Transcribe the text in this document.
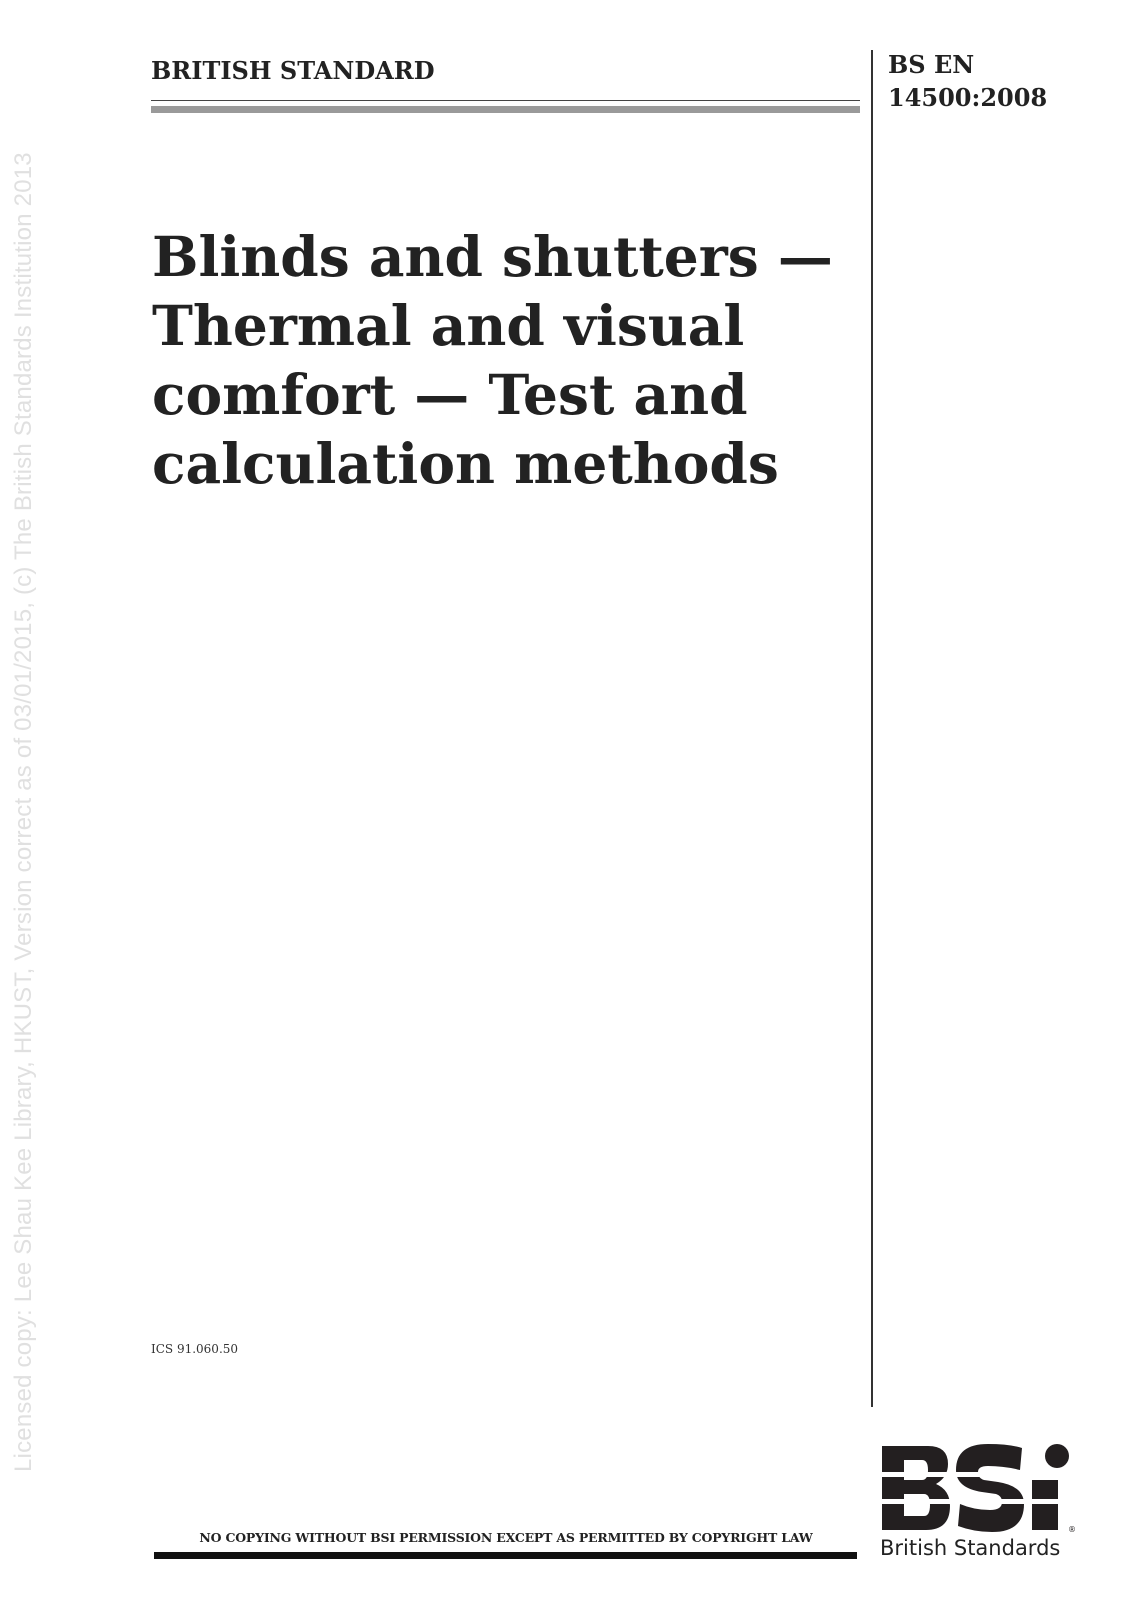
Licensed copy: Lee Shau Kee Library, HKUST, Version correct as of 03/01/2015, (c) The British Standards Institution 2013
BRITISH STANDARD	BS EN
14500:2008
Blinds and shutters —
Thermal and visual
comfort — Test and
calculation methods
ICS 91.060.50
NO COPYING WITHOUT BSI PERMISSION EXCEPT AS PERMITTED BY COPYRIGHT LAW
®
British Standards
